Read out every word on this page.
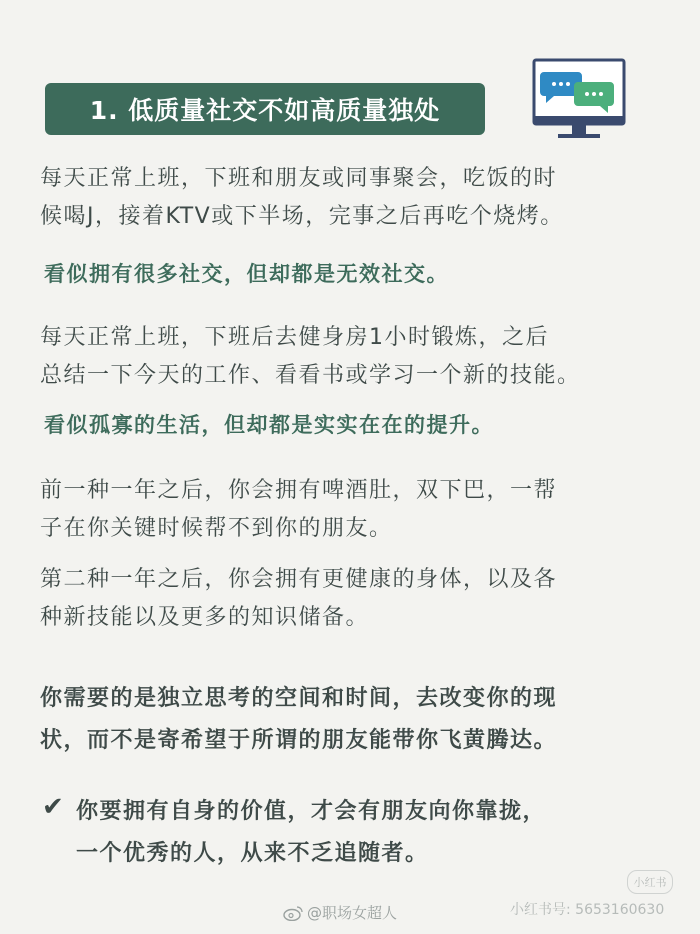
1. 低质量社交不如高质量独处
每天正常上班，下班和朋友或同事聚会，吃饭的时
候喝J，接着KTV或下半场，完事之后再吃个烧烤。
看似拥有很多社交，但却都是无效社交。
每天正常上班，下班后去健身房1小时锻炼，之后
总结一下今天的工作、看看书或学习一个新的技能。
看似孤寡的生活，但却都是实实在在的提升。
前一种一年之后，你会拥有啤酒肚，双下巴，一帮
子在你关键时候帮不到你的朋友。
第二种一年之后，你会拥有更健康的身体，以及各
种新技能以及更多的知识储备。
你需要的是独立思考的空间和时间，去改变你的现
状，而不是寄希望于所谓的朋友能带你飞黄腾达。
✔ 你要拥有自身的价值，才会有朋友向你靠拢，
一个优秀的人，从来不乏追随者。
小红书
@职场女超人	小红书号: 5653160630
